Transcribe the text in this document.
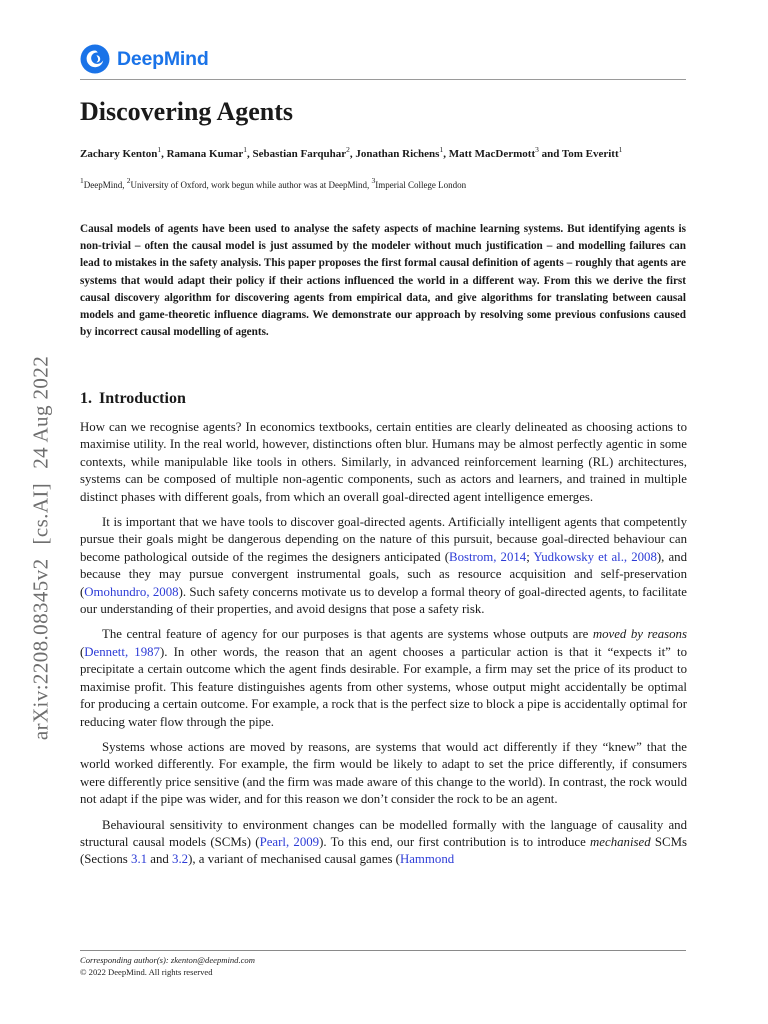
DeepMind
arXiv:2208.08345v2[cs.AI]24 Aug 2022
Discovering Agents
Zachary Kenton$^1$, Ramana Kumar$^1$, Sebastian Farquhar$^2$, Jonathan Richens$^1$, Matt MacDermott$^3$ and Tom Everitt$^1$
$^1$DeepMind, $^2$University of Oxford, work begun while author was at DeepMind, $^3$Imperial College London

Causal models of agents have been used to analyse the safety aspects of machine learning systems. But identifying agents is non-trivial – often the causal model is just assumed by the modeler without much justification – and modelling failures can lead to mistakes in the safety analysis. This paper proposes the first formal causal definition of agents – roughly that agents are systems that would adapt their policy if their actions influenced the world in a different way. From this we derive the first causal discovery algorithm for discovering agents from empirical data, and give algorithms for translating between causal models and game-theoretic influence diagrams. We demonstrate our approach by resolving some previous confusions caused by incorrect causal modelling of agents.

1. Introduction

How can we recognise agents? In economics textbooks, certain entities are clearly delineated as choosing actions to maximise utility. In the real world, however, distinctions often blur. Humans may be almost perfectly agentic in some contexts, while manipulable like tools in others. Similarly, in advanced reinforcement learning (RL) architectures, systems can be composed of multiple non-agentic components, such as actors and learners, and trained in multiple distinct phases with different goals, from which an overall goal-directed agent intelligence emerges.

It is important that we have tools to discover goal-directed agents. Artificially intelligent agents that competently pursue their goals might be dangerous depending on the nature of this pursuit, because goal-directed behaviour can become pathological outside of the regimes the designers anticipated (Bostrom, 2014; Yudkowsky et al., 2008), and because they may pursue convergent instrumental goals, such as resource acquisition and self-preservation (Omohundro, 2008). Such safety concerns motivate us to develop a formal theory of goal-directed agents, to facilitate our understanding of their properties, and avoid designs that pose a safety risk.

The central feature of agency for our purposes is that agents are systems whose outputs are moved by reasons (Dennett, 1987). In other words, the reason that an agent chooses a particular action is that it “expects it” to precipitate a certain outcome which the agent finds desirable. For example, a firm may set the price of its product to maximise profit. This feature distinguishes agents from other systems, whose output might accidentally be optimal for producing a certain outcome. For example, a rock that is the perfect size to block a pipe is accidentally optimal for reducing water flow through the pipe.

Systems whose actions are moved by reasons, are systems that would act differently if they “knew” that the world worked differently. For example, the firm would be likely to adapt to set the price differently, if consumers were differently price sensitive (and the firm was made aware of this change to the world). In contrast, the rock would not adapt if the pipe was wider, and for this reason we don’t consider the rock to be an agent.

Behavioural sensitivity to environment changes can be modelled formally with the language of causality and structural causal models (SCMs) (Pearl, 2009). To this end, our first contribution is to introduce mechanised SCMs (Sections 3.1 and 3.2), a variant of mechanised causal games (Hammond

Corresponding author(s): zkenton@deepmind.com
© 2022 DeepMind. All rights reserved
